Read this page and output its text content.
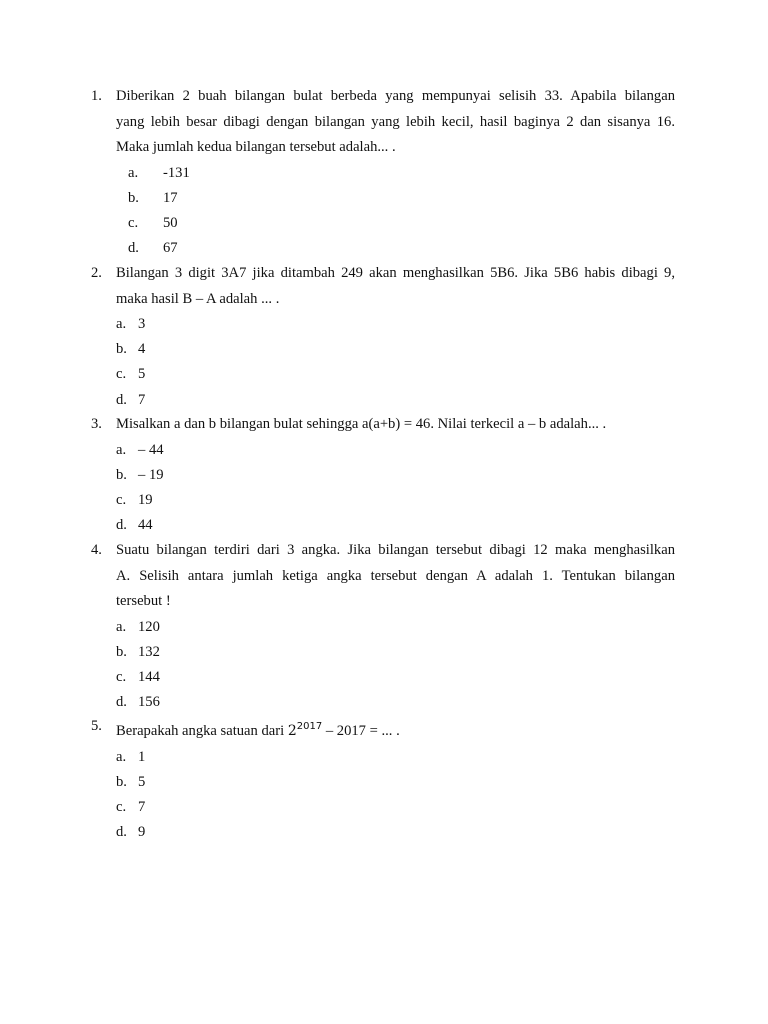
1. Diberikan 2 buah bilangan bulat berbeda yang mempunyai selisih 33. Apabila bilangan
yang lebih besar dibagi dengan bilangan yang lebih kecil, hasil baginya 2 dan sisanya 16.
Maka jumlah kedua bilangan tersebut adalah... .
a. -131
b. 17
c. 50
d. 67
2. Bilangan 3 digit 3A7 jika ditambah 249 akan menghasilkan 5B6. Jika 5B6 habis dibagi 9,
maka hasil B – A adalah ... .
a. 3
b. 4
c. 5
d. 7
3. Misalkan a dan b bilangan bulat sehingga a(a+b) = 46. Nilai terkecil a – b adalah... .
a. – 44
b. – 19
c. 19
d. 44
4. Suatu bilangan terdiri dari 3 angka. Jika bilangan tersebut dibagi 12 maka menghasilkan
A. Selisih antara jumlah ketiga angka tersebut dengan A adalah 1. Tentukan bilangan
tersebut !
a. 120
b. 132
c. 144
d. 156
5. Berapakah angka satuan dari $2^{2017} - 2017$ = ... .
a. 1
b. 5
c. 7
d. 9
